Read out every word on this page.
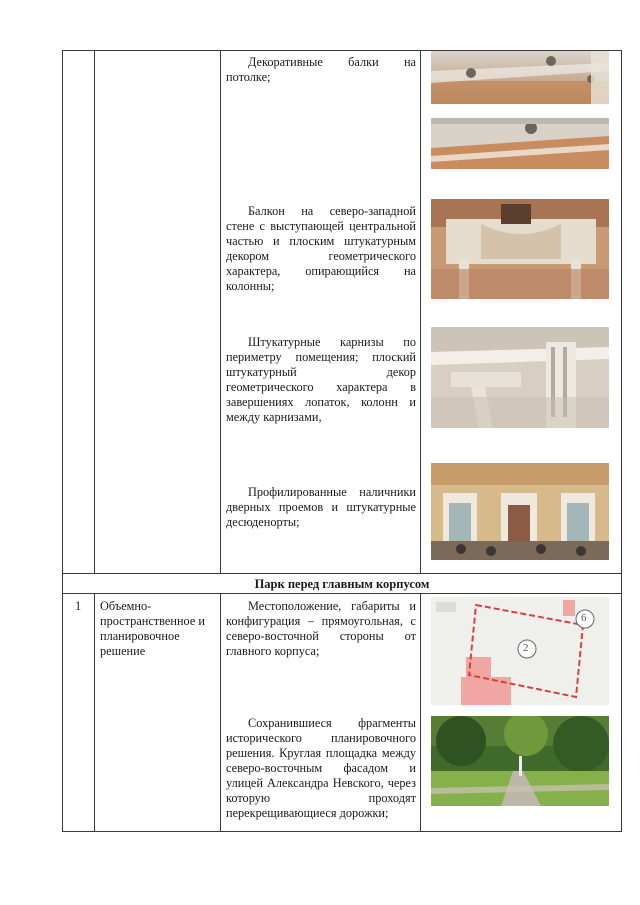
Декоративные балки на потолке;
Балкон на северо-западной стене с выступающей центральной частью и плоским штукатурным декором геометрического характера, опирающийся на колонны;
Штукатурные карнизы по периметру помещения; плоский штукатурный декор геометрического характера в завершениях лопаток, колонн и между карнизами,
Профилированные наличники дверных проемов и штукатурные десюденорты;
Парк перед главным корпусом
1 Объемно-пространственное и планировочное решение
Местоположение, габариты и конфигурация – прямоугольная, с северо-восточной стороны от главного корпуса;
Сохранившиеся фрагменты исторического планировочного решения. Круглая площадка между северо-восточным фасадом и улицей Александра Невского, через которую проходят перекрещивающиеся дорожки;
6
2
